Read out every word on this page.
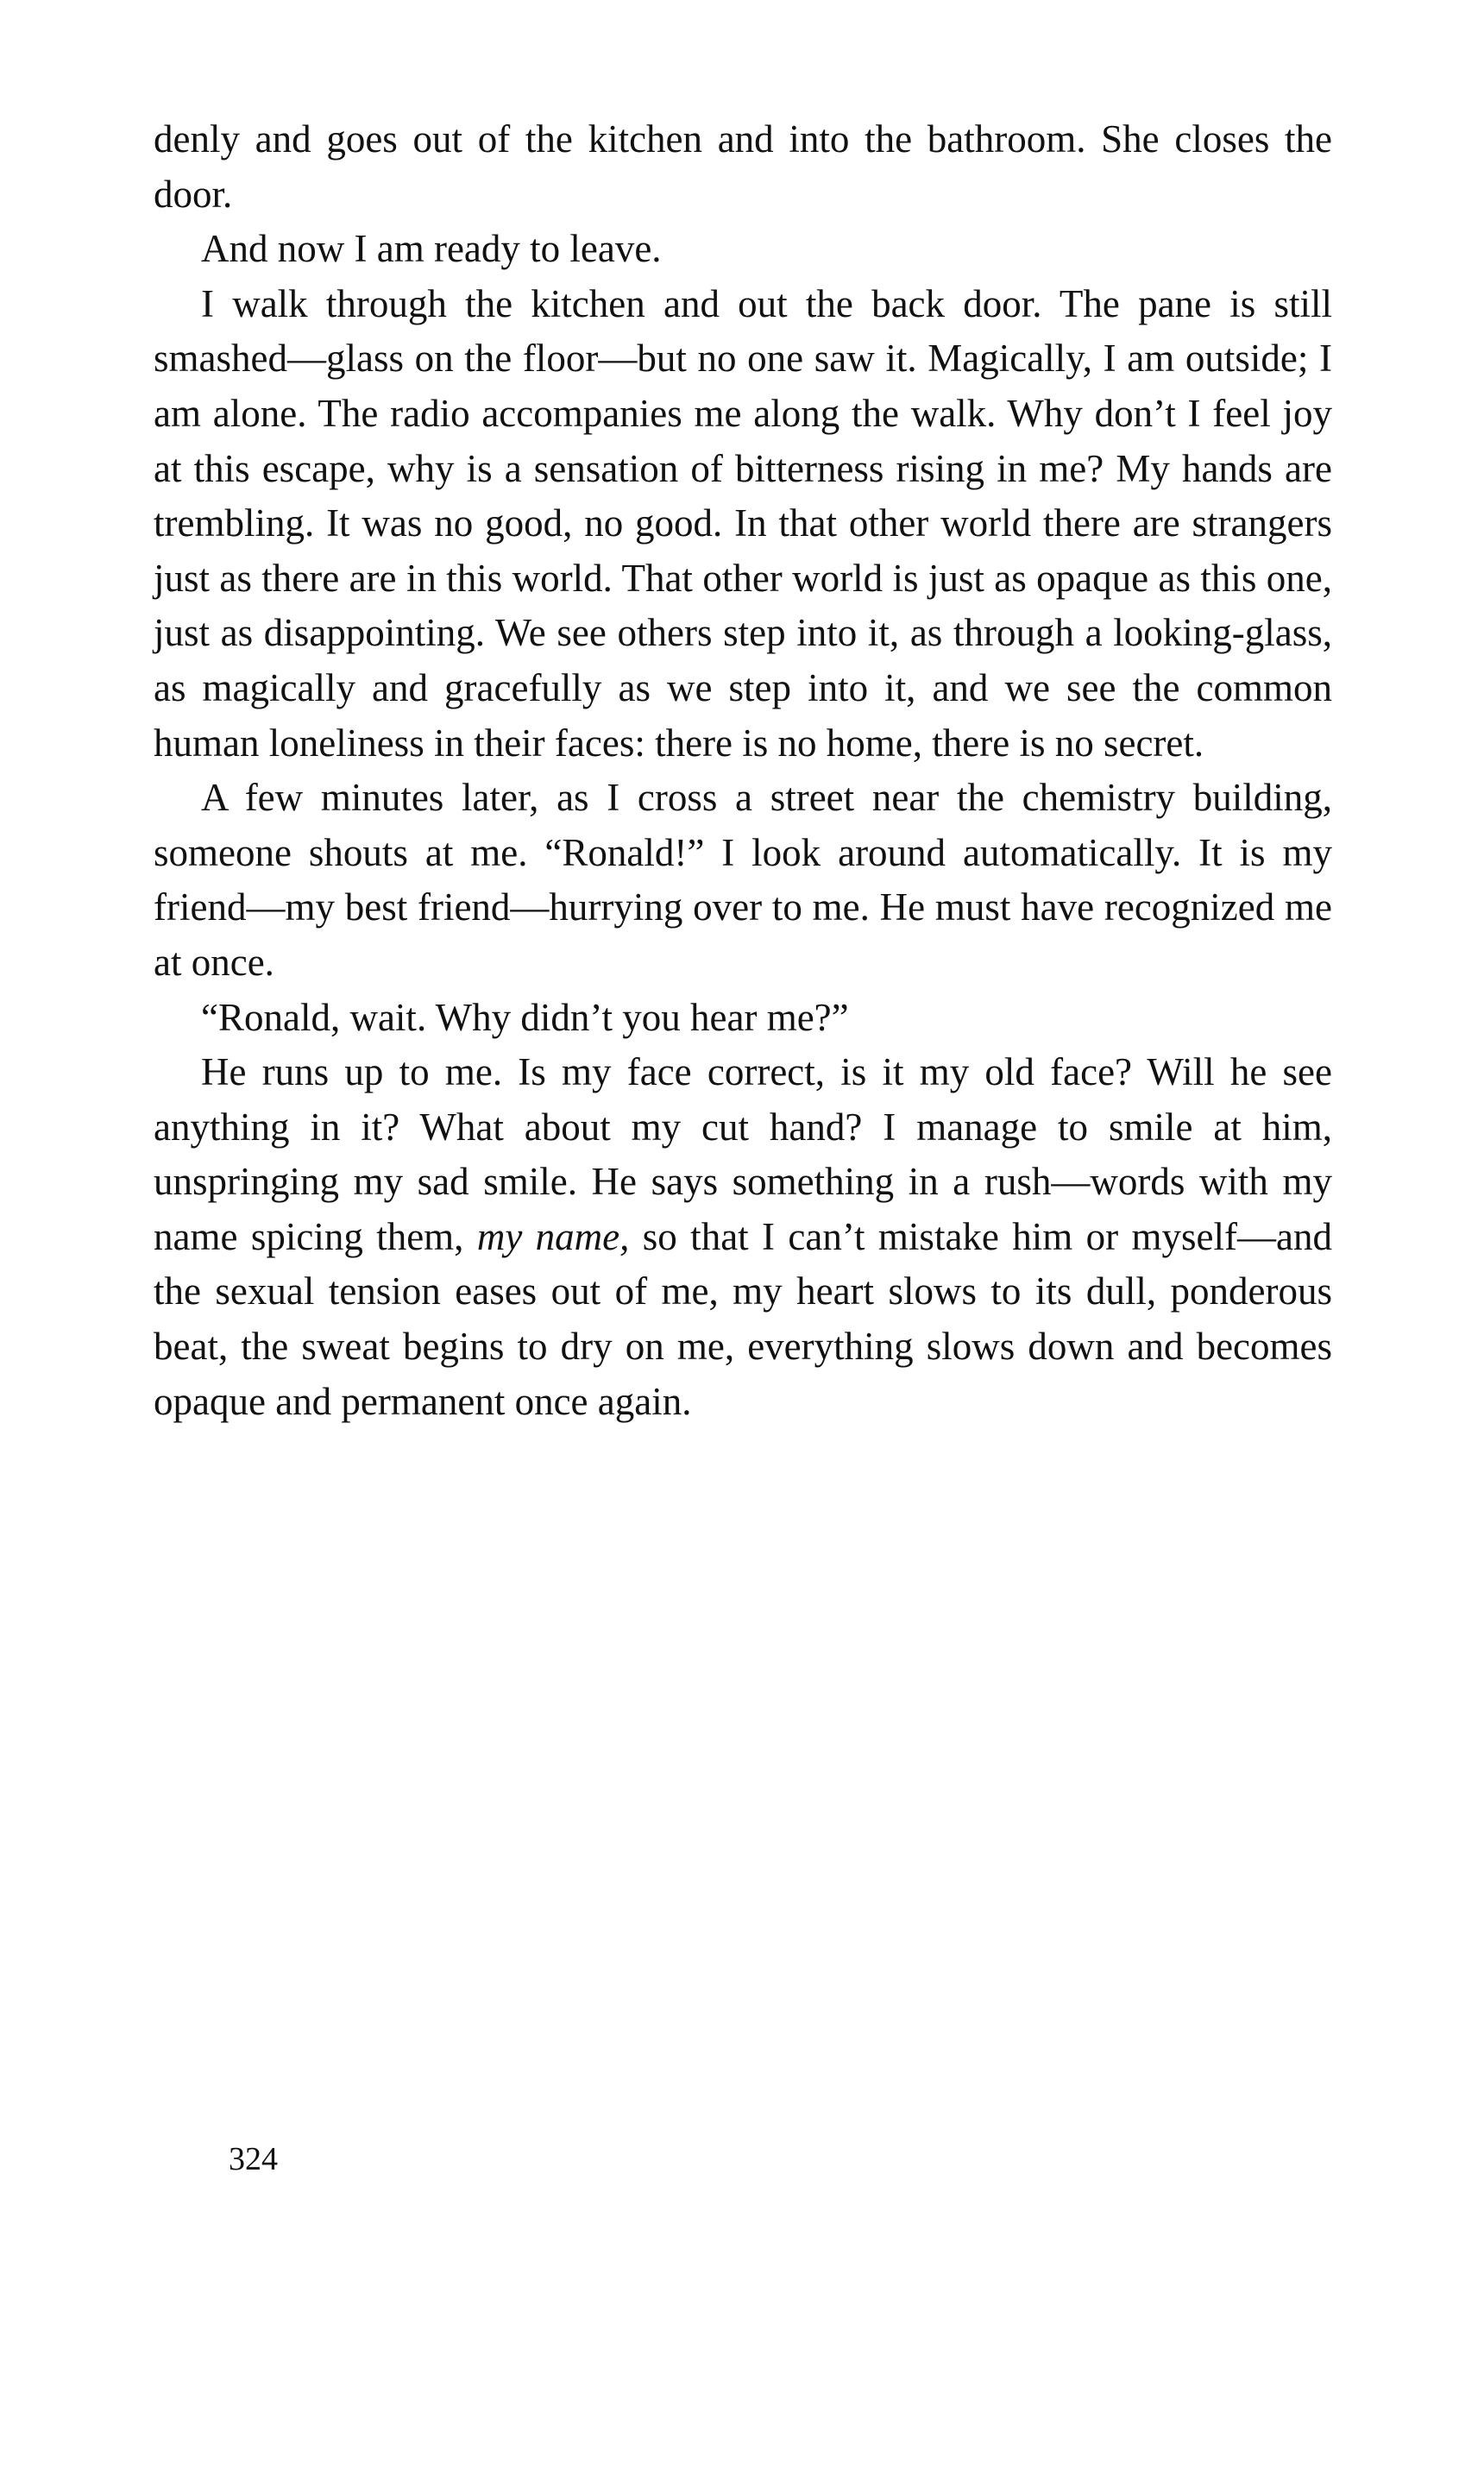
denly and goes out of the kitchen and into the bathroom. She closes the door.

And now I am ready to leave.

I walk through the kitchen and out the back door. The pane is still smashed—glass on the floor—but no one saw it. Magically, I am outside; I am alone. The radio accompanies me along the walk. Why don’t I feel joy at this escape, why is a sensation of bitterness rising in me? My hands are trembling. It was no good, no good. In that other world there are strangers just as there are in this world. That other world is just as opaque as this one, just as disappointing. We see others step into it, as through a looking-glass, as magically and gracefully as we step into it, and we see the common human loneliness in their faces: there is no home, there is no secret.

A few minutes later, as I cross a street near the chemistry building, someone shouts at me. “Ronald!” I look around automatically. It is my friend—my best friend—hurrying over to me. He must have recognized me at once.

“Ronald, wait. Why didn’t you hear me?”

He runs up to me. Is my face correct, is it my old face? Will he see anything in it? What about my cut hand? I manage to smile at him, unspringing my sad smile. He says something in a rush—words with my name spicing them, my name, so that I can’t mistake him or myself—and the sexual tension eases out of me, my heart slows to its dull, ponderous beat, the sweat begins to dry on me, everything slows down and becomes opaque and permanent once again.

324
